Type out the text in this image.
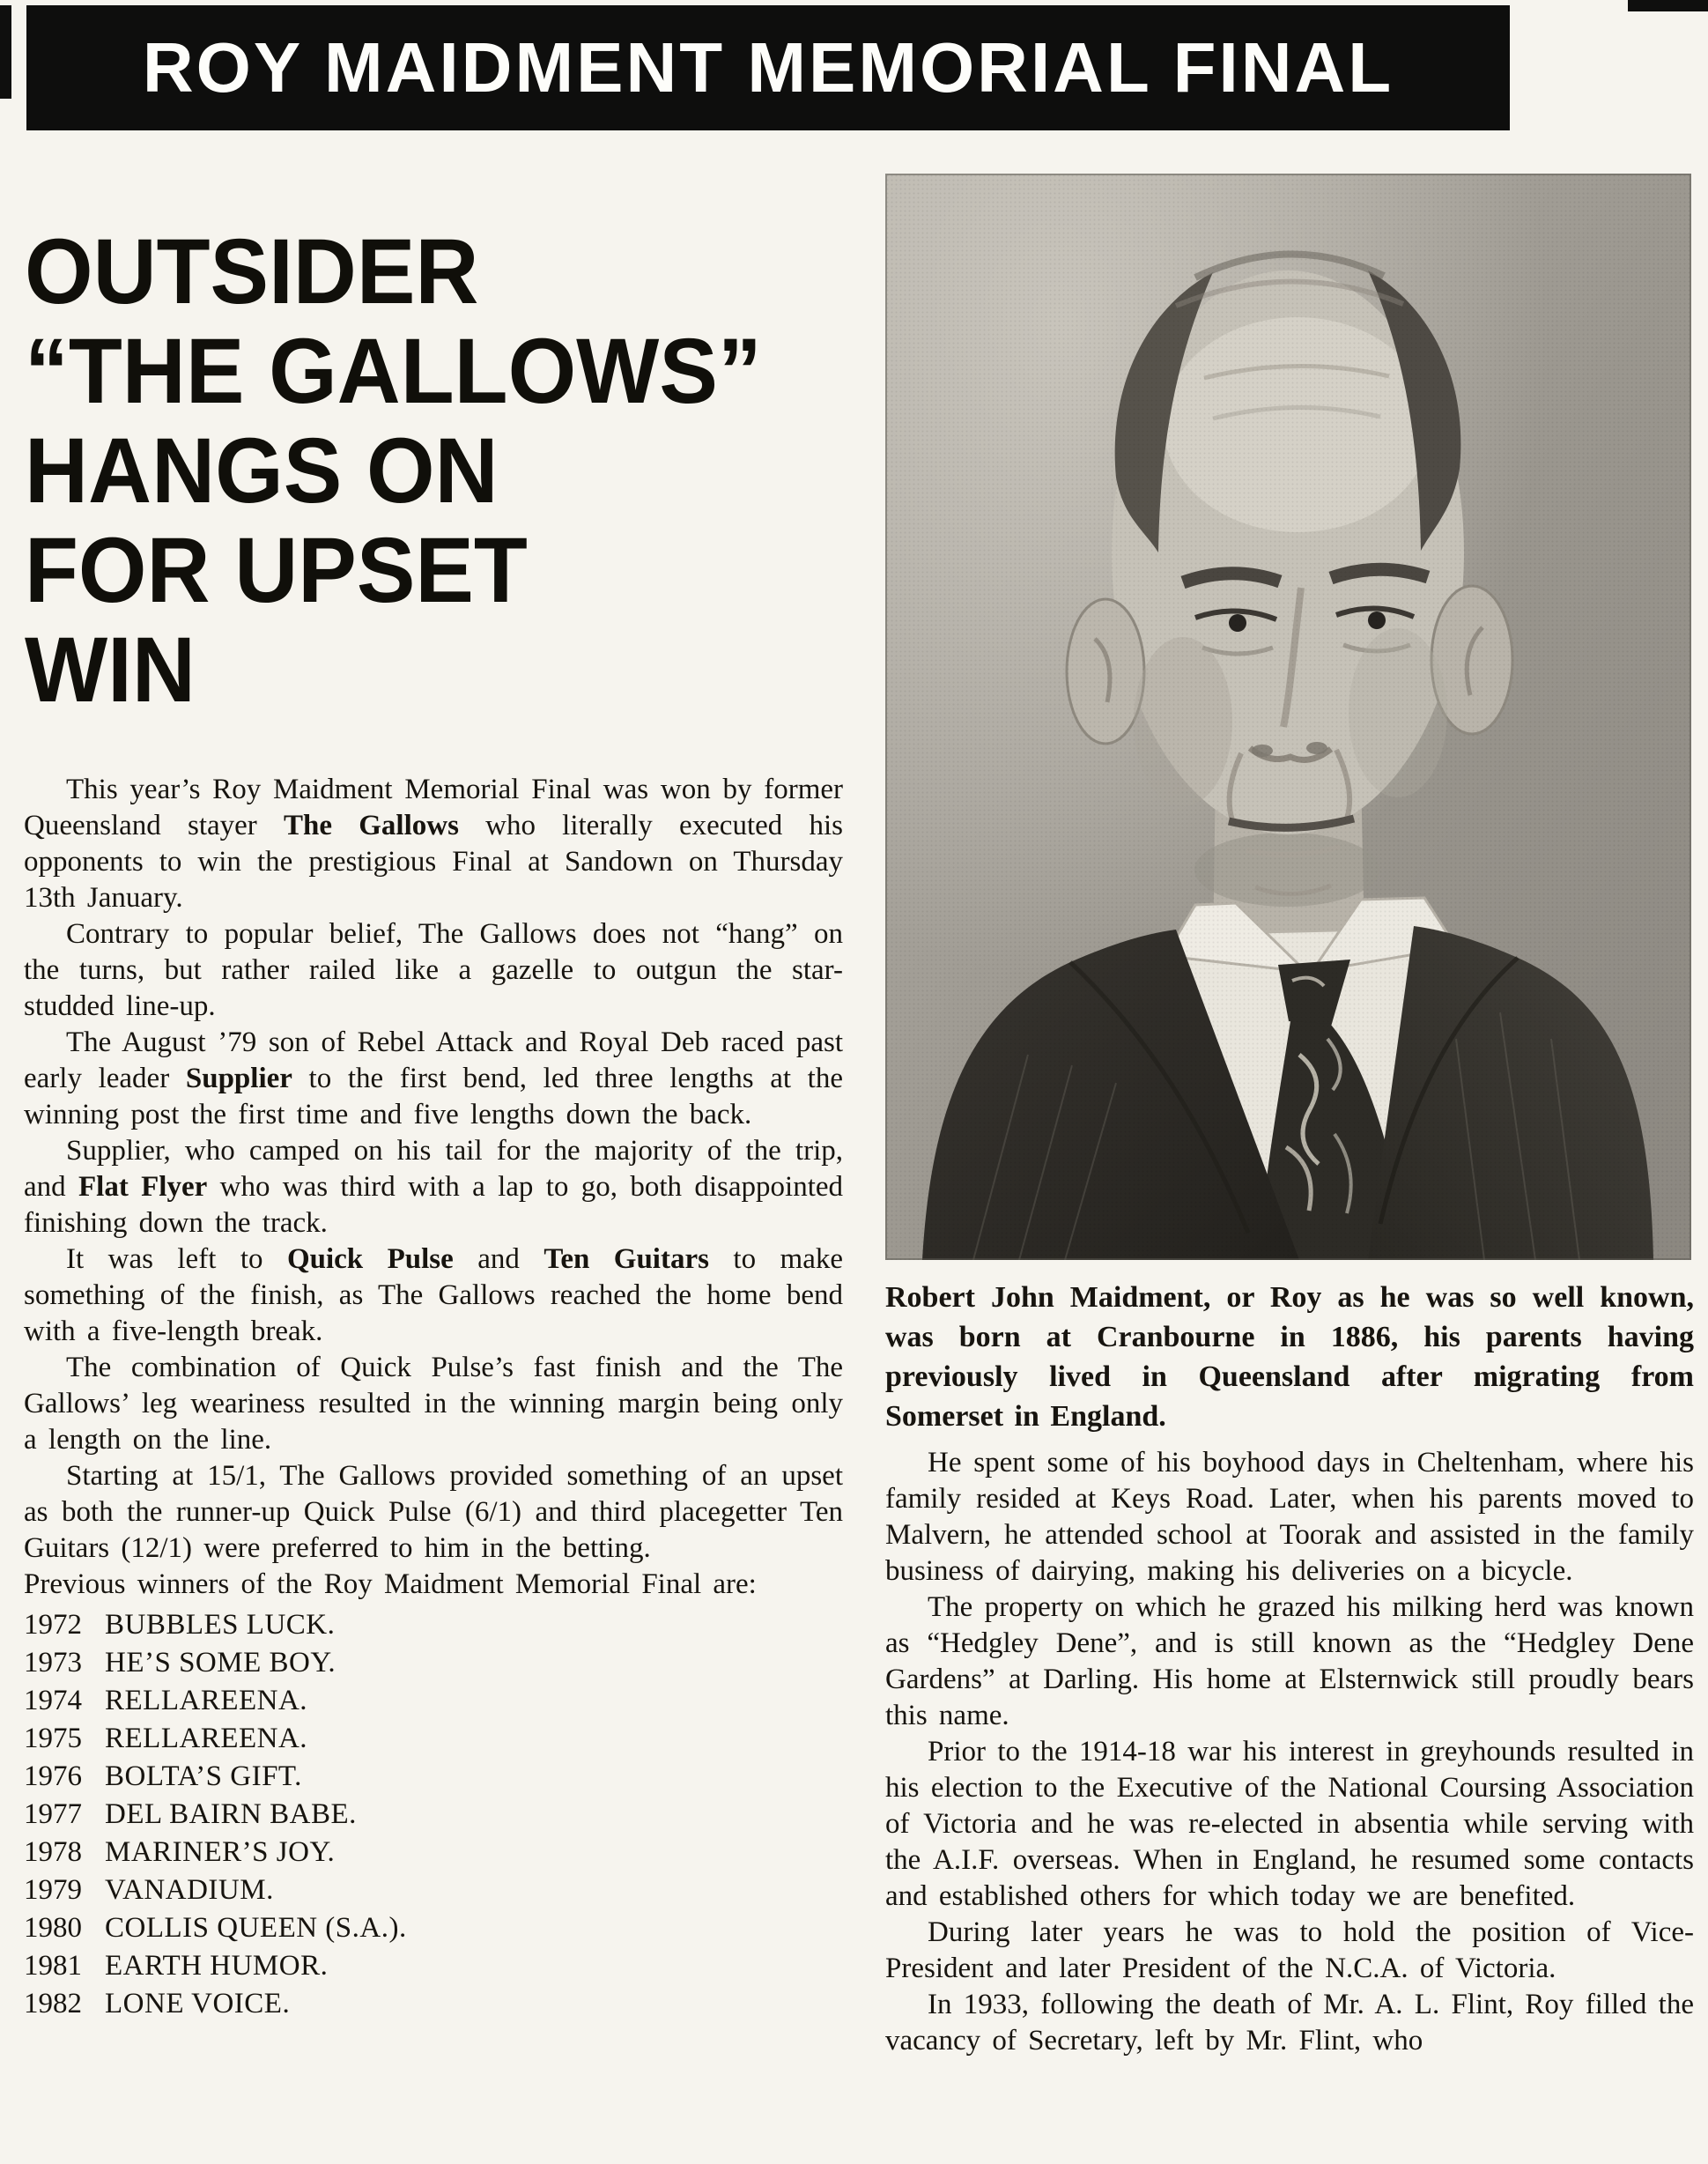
ROY MAIDMENT MEMORIAL FINAL
OUTSIDER
“THE GALLOWS”
HANGS ON
FOR UPSET
WIN

This year’s Roy Maidment Memorial Final was won by former Queensland stayer The Gallows who literally executed his opponents to win the prestigious Final at Sandown on Thursday 13th January.

Contrary to popular belief, The Gallows does not “hang” on the turns, but rather railed like a gazelle to outgun the star-studded line-up.

The August ’79 son of Rebel Attack and Royal Deb raced past early leader Supplier to the first bend, led three lengths at the winning post the first time and five lengths down the back.

Supplier, who camped on his tail for the majority of the trip, and Flat Flyer who was third with a lap to go, both disappointed finishing down the track.

It was left to Quick Pulse and Ten Guitars to make something of the finish, as The Gallows reached the home bend with a five-length break.

The combination of Quick Pulse’s fast finish and the The Gallows’ leg weariness resulted in the winning margin being only a length on the line.

Starting at 15/1, The Gallows provided something of an upset as both the runner-up Quick Pulse (6/1) and third placegetter Ten Guitars (12/1) were preferred to him in the betting.

Previous winners of the Roy Maidment Memorial Final are:

1972 BUBBLES LUCK.
1973 HE’S SOME BOY.
1974 RELLAREENA.
1975 RELLAREENA.
1976 BOLTA’S GIFT.
1977 DEL BAIRN BABE.
1978 MARINER’S JOY.
1979 VANADIUM.
1980 COLLIS QUEEN (S.A.).
1981 EARTH HUMOR.
1982 LONE VOICE.

Robert John Maidment, or Roy as he was so well known, was born at Cranbourne in 1886, his parents having previously lived in Queensland after migrating from Somerset in England.

He spent some of his boyhood days in Cheltenham, where his family resided at Keys Road. Later, when his parents moved to Malvern, he attended school at Toorak and assisted in the family business of dairying, making his deliveries on a bicycle.

The property on which he grazed his milking herd was known as “Hedgley Dene”, and is still known as the “Hedgley Dene Gardens” at Darling. His home at Elsternwick still proudly bears this name.

Prior to the 1914-18 war his interest in greyhounds resulted in his election to the Executive of the National Coursing Association of Victoria and he was re-elected in absentia while serving with the A.I.F. overseas. When in England, he resumed some contacts and established others for which today we are benefited.

During later years he was to hold the position of Vice-President and later President of the N.C.A. of Victoria.

In 1933, following the death of Mr. A. L. Flint, Roy filled the vacancy of Secretary, left by Mr. Flint, who
